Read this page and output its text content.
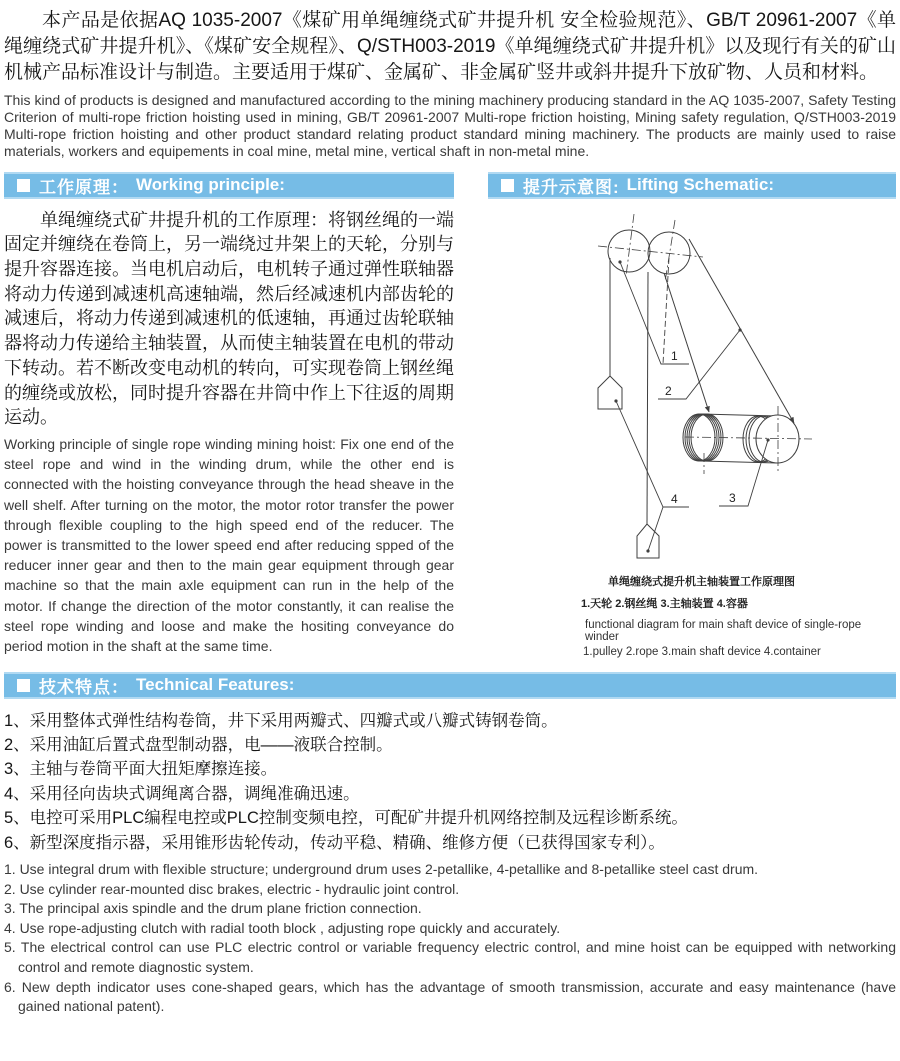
本产品是依据AQ 1035-2007《煤矿用单绳缠绕式矿井提升机 安全检验规范》、GB/T 20961-2007《单绳缠绕式矿井提升机》、《煤矿安全规程》、Q/STH003-2019《单绳缠绕式矿井提升机》以及现行有关的矿山机械产品标准设计与制造。主要适用于煤矿、金属矿、非金属矿竖井或斜井提升下放矿物、人员和材料。

This kind of products is designed and manufactured according to the mining machinery producing standard in the AQ 1035-2007, Safety Testing Criterion of multi-rope friction hoisting used in mining, GB/T 20961-2007 Multi-rope friction hoisting, Mining safety regulation, Q/STH003-2019 Multi-rope friction hoisting and other product standard relating product standard mining machinery. The products are mainly used to raise materials, workers and equipements in coal mine, metal mine, vertical shaft in non-metal mine.

工作原理： Working principle:

单绳缠绕式矿井提升机的工作原理：将钢丝绳的一端固定并缠绕在卷筒上，另一端绕过井架上的天轮，分别与提升容器连接。当电机启动后，电机转子通过弹性联轴器将动力传递到减速机高速轴端，然后经减速机内部齿轮的减速后，将动力传递到减速机的低速轴，再通过齿轮联轴器将动力传递给主轴装置，从而使主轴装置在电机的带动下转动。若不断改变电动机的转向，可实现卷筒上钢丝绳的缠绕或放松，同时提升容器在井筒中作上下往返的周期运动。

Working principle of single rope winding mining hoist: Fix one end of the steel rope and wind in the winding drum, while the other end is connected with the hoisting conveyance through the head sheave in the well shelf. After turning on the motor, the motor rotor transfer the power through flexible coupling to the high speed end of the reducer. The power is transmitted to the lower speed end after reducing spped of the reducer inner gear and then to the main gear equipment through gear machine so that the main axle equipment can run in the help of the motor. If change the direction of the motor constantly, it can realise the steel rope winding and loose and make the hositing conveyance do period motion in the shaft at the same time.

提升示意图: Lifting Schematic:
1
2
3
4
单绳缠绕式提升机主轴装置工作原理图
1.天轮 2.钢丝绳 3.主轴装置 4.容器
functional diagram for main shaft device of single-rope winder
1.pulley 2.rope 3.main shaft device 4.container
技术特点： Technical Features:
1、采用整体式弹性结构卷筒，井下采用两瓣式、四瓣式或八瓣式铸钢卷筒。
2、采用油缸后置式盘型制动器，电——液联合控制。
3、主轴与卷筒平面大扭矩摩擦连接。
4、采用径向齿块式调绳离合器，调绳准确迅速。
5、电控可采用PLC编程电控或PLC控制变频电控，可配矿井提升机网络控制及远程诊断系统。
6、新型深度指示器，采用锥形齿轮传动，传动平稳、精确、维修方便（已获得国家专利）。
1. Use integral drum with flexible structure; underground drum uses 2-petallike, 4-petallike and 8-petallike steel cast drum.
2. Use cylinder rear-mounted disc brakes, electric - hydraulic joint control.
3. The principal axis spindle and the drum plane friction connection.
4. Use rope-adjusting clutch with radial tooth block , adjusting rope quickly and accurately.
5. The electrical control can use PLC electric control or variable frequency electric control, and mine hoist can be equipped with networking control and remote diagnostic system.
6. New depth indicator uses cone-shaped gears, which has the advantage of smooth transmission, accurate and easy maintenance (have gained national patent).
